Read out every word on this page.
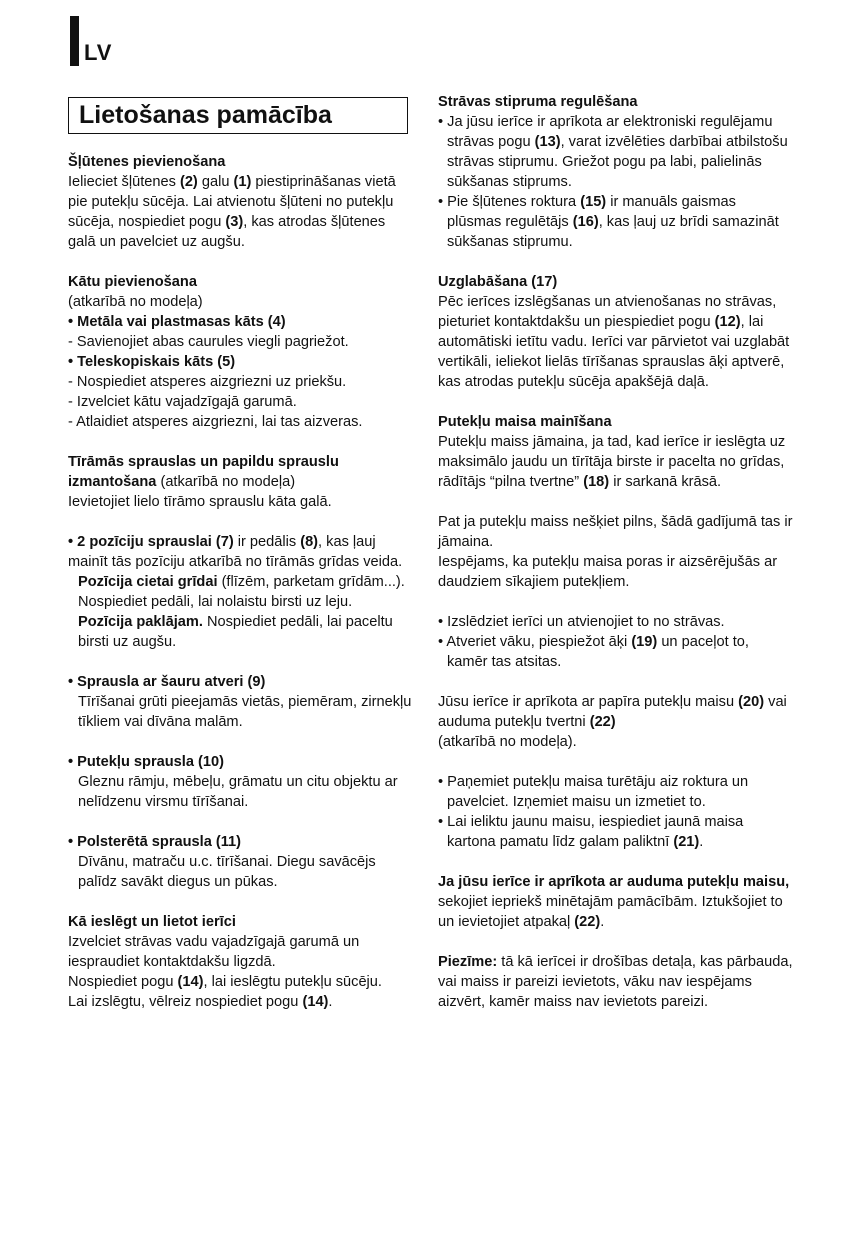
LV
Lietošanas pamācība

Šļūtenes pievienošana

Ielieciet šļūtenes (2) galu (1) piestiprināšanas vietā pie putekļu sūcēja. Lai atvienotu šļūteni no putekļu sūcēja, nospiediet pogu (3), kas atrodas šļūtenes galā un pavelciet uz augšu.

Kātu pievienošana

(atkarībā no modeļa)

• Metāla vai plastmasas kāts (4)

- Savienojiet abas caurules viegli pagriežot.

• Teleskopiskais kāts (5)

- Nospiediet atsperes aizgriezni uz priekšu.

- Izvelciet kātu vajadzīgajā garumā.

- Atlaidiet atsperes aizgriezni, lai tas aizveras.

Tīrāmās sprauslas un papildu sprauslu izmantošana (atkarībā no modeļa)

Ievietojiet lielo tīrāmo sprauslu kāta galā.

• 2 pozīciju sprauslai (7) ir pedālis (8), kas ļauj mainīt tās pozīciju atkarībā no tīrāmās grīdas veida.

Pozīcija cietai grīdai (flīzēm, parketam grīdām...). Nospiediet pedāli, lai nolaistu birsti uz leju.

Pozīcija paklājam. Nospiediet pedāli, lai paceltu birsti uz augšu.

• Sprausla ar šauru atveri (9)

Tīrīšanai grūti pieejamās vietās, piemēram, zirnekļu tīkliem vai dīvāna malām.

• Putekļu sprausla (10)

Gleznu rāmju, mēbeļu, grāmatu un citu objektu ar nelīdzenu virsmu tīrīšanai.

• Polsterētā sprausla (11)

Dīvānu, matraču u.c. tīrīšanai. Diegu savācējs palīdz savākt diegus un pūkas.

Kā ieslēgt un lietot ierīci

Izvelciet strāvas vadu vajadzīgajā garumā un iespraudiet kontaktdakšu ligzdā.

Nospiediet pogu (14), lai ieslēgtu putekļu sūcēju.

Lai izslēgtu, vēlreiz nospiediet pogu (14).

Strāvas stipruma regulēšana

• Ja jūsu ierīce ir aprīkota ar elektroniski regulējamu strāvas pogu (13), varat izvēlēties darbībai atbilstošu strāvas stiprumu. Griežot pogu pa labi, palielinās sūkšanas stiprums.
• Pie šļūtenes roktura (15) ir manuāls gaismas plūsmas regulētājs (16), kas ļauj uz brīdi samazināt sūkšanas stiprumu.

Uzglabāšana (17)

Pēc ierīces izslēgšanas un atvienošanas no strāvas, pieturiet kontaktdakšu un piespiediet pogu (12), lai automātiski ietītu vadu. Ierīci var pārvietot vai uzglabāt vertikāli, ieliekot lielās tīrīšanas sprauslas āķi aptverē, kas atrodas putekļu sūcēja apakšējā daļā.

Putekļu maisa mainīšana

Putekļu maiss jāmaina, ja tad, kad ierīce ir ieslēgta uz maksimālo jaudu un tīrītāja birste ir pacelta no grīdas, rādītājs “pilna tvertne” (18) ir sarkanā krāsā.

Pat ja putekļu maiss nešķiet pilns, šādā gadījumā tas ir jāmaina.

Iespējams, ka putekļu maisa poras ir aizsērējušās ar daudziem sīkajiem putekļiem.

• Izslēdziet ierīci un atvienojiet to no strāvas.
• Atveriet vāku, piespiežot āķi (19) un paceļot to, kamēr tas atsitas.

Jūsu ierīce ir aprīkota ar papīra putekļu maisu (20) vai auduma putekļu tvertni (22)

(atkarībā no modeļa).

• Paņemiet putekļu maisa turētāju aiz roktura un pavelciet. Izņemiet maisu un izmetiet to.
• Lai ieliktu jaunu maisu, iespiediet jaunā maisa kartona pamatu līdz galam paliktnī (21).

Ja jūsu ierīce ir aprīkota ar auduma putekļu maisu, sekojiet iepriekš minētajām pamācībām. Iztukšojiet to un ievietojiet atpakaļ (22).

Piezīme: tā kā ierīcei ir drošības detaļa, kas pārbauda, vai maiss ir pareizi ievietots, vāku nav iespējams aizvērt, kamēr maiss nav ievietots pareizi.
